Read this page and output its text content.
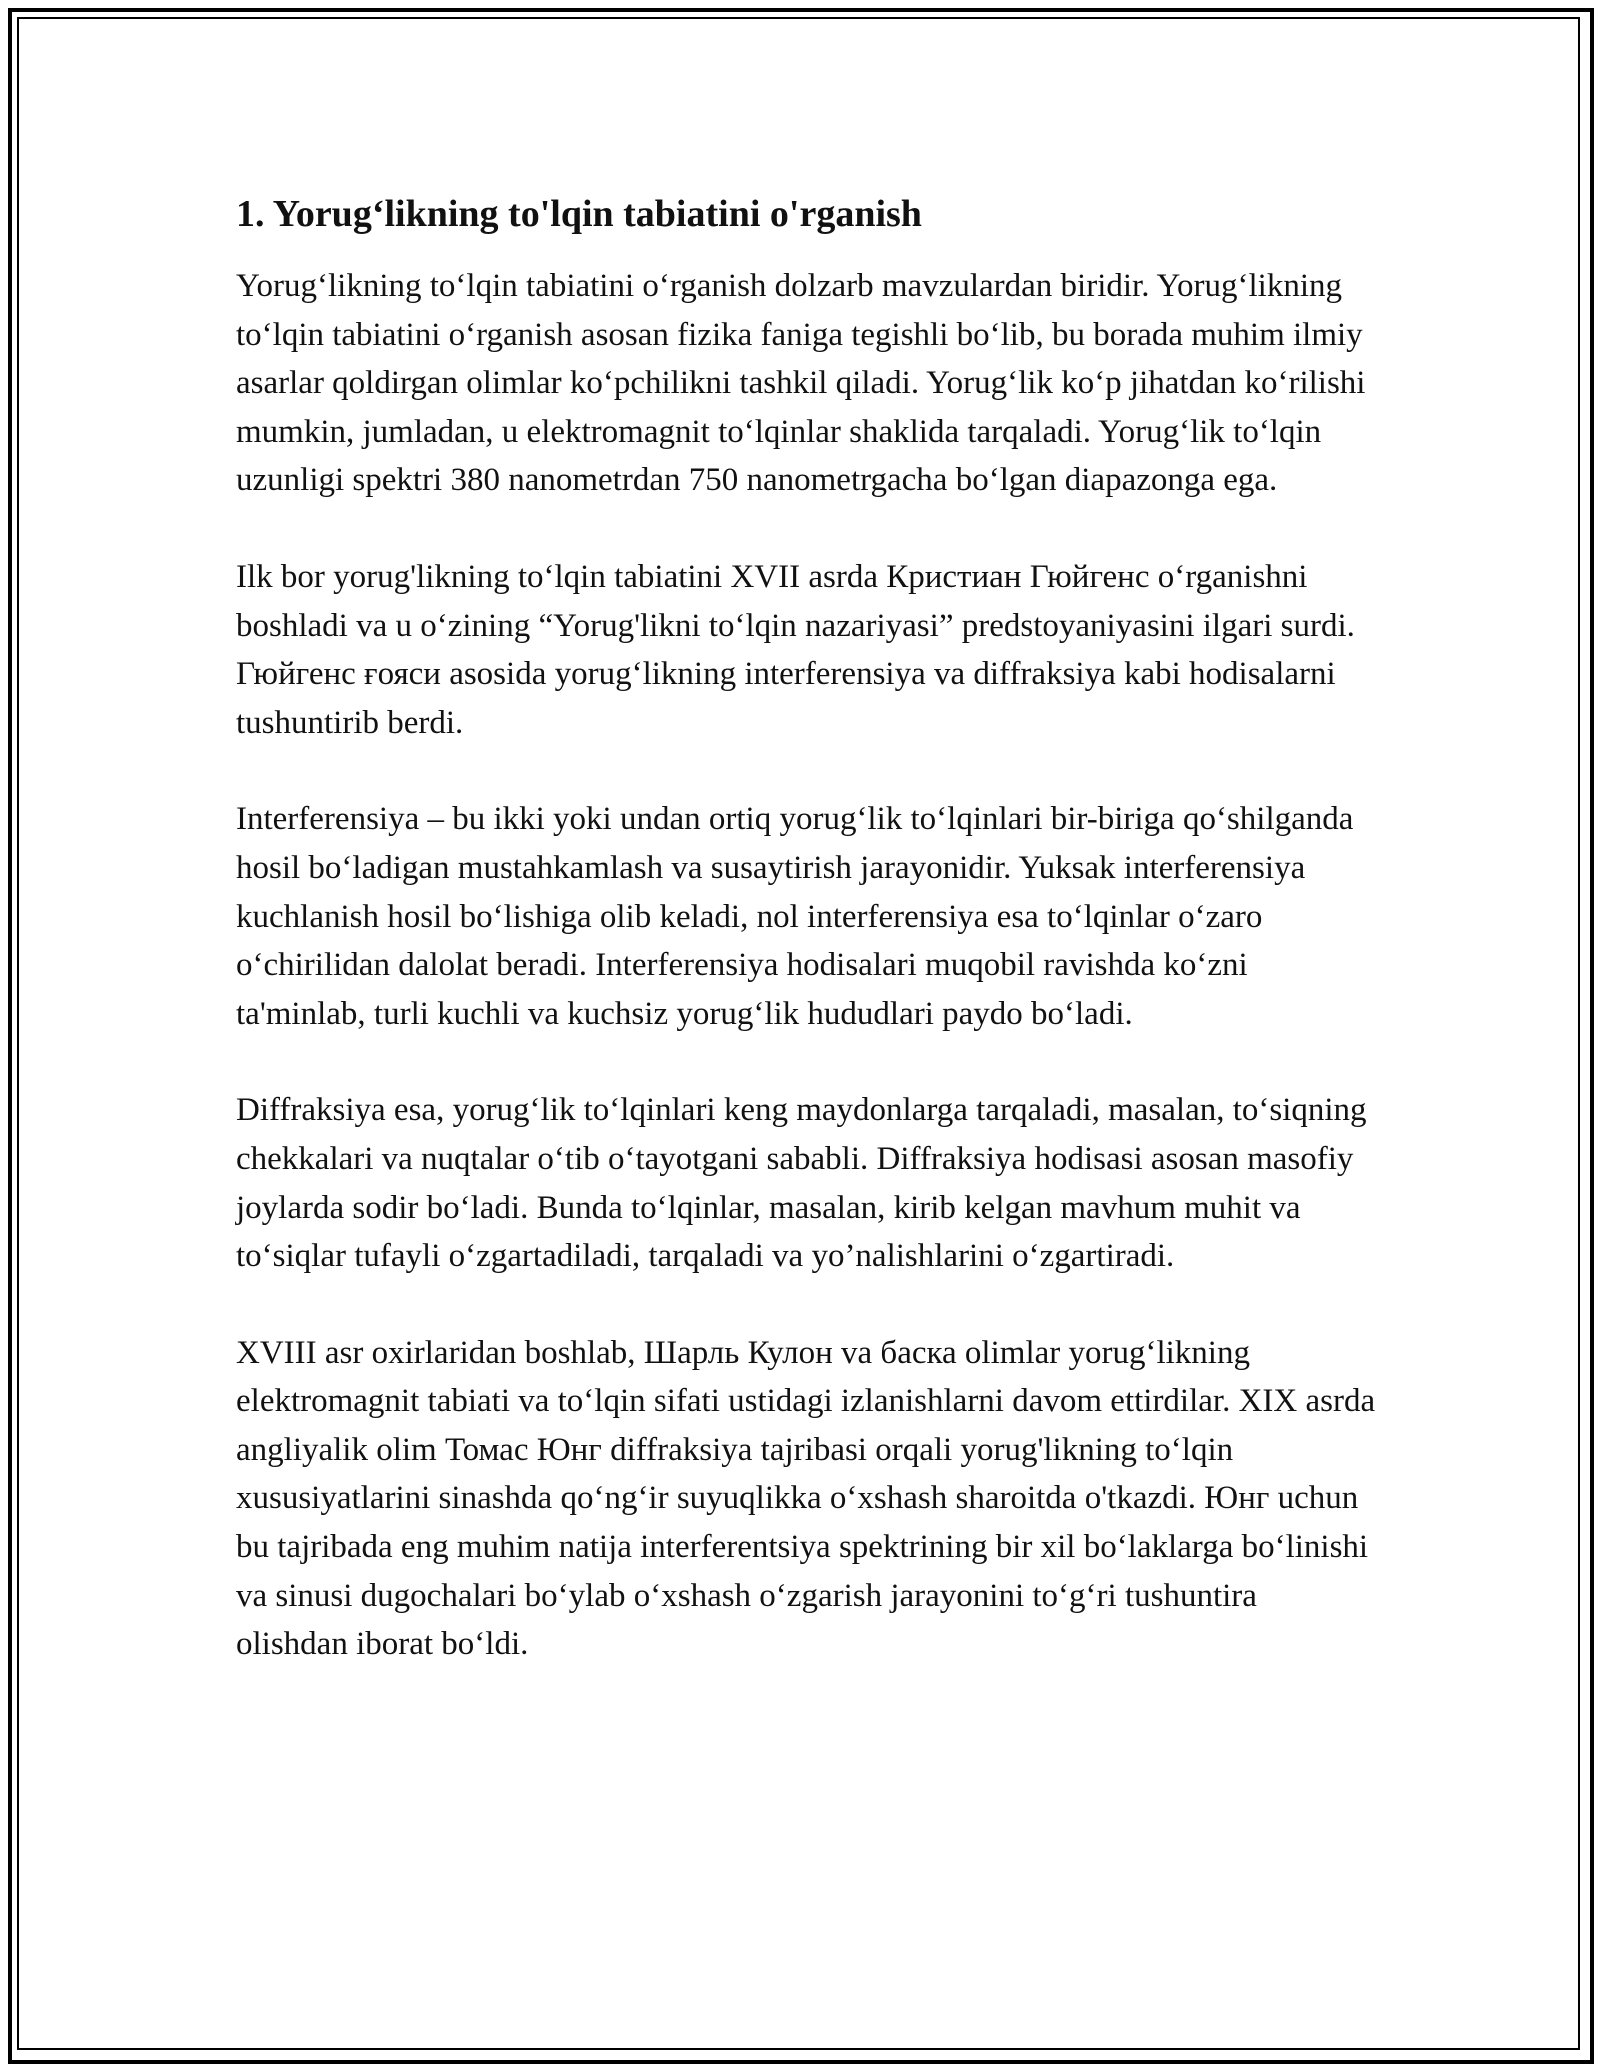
1. Yorug‘likning to'lqin tabiatini o'rganish

Yorug‘likning to‘lqin tabiatini o‘rganish dolzarb mavzulardan biridir. Yorug‘likning to‘lqin tabiatini o‘rganish asosan fizika faniga tegishli bo‘lib, bu borada muhim ilmiy asarlar qoldirgan olimlar ko‘pchilikni tashkil qiladi. Yorug‘lik ko‘p jihatdan ko‘rilishi mumkin, jumladan, u elektromagnit to‘lqinlar shaklida tarqaladi. Yorug‘lik to‘lqin uzunligi spektri 380 nanometrdan 750 nanometrgacha bo‘lgan diapazonga ega.

Ilk bor yorug'likning to‘lqin tabiatini XVII asrda Кристиан Гюйгенс o‘rganishni boshladi va u o‘zining “Yorug'likni to‘lqin nazariyasi” predstoyaniyasini ilgari surdi. Гюйгенс ғояси asosida yorug‘likning interferensiya va diffraksiya kabi hodisalarni tushuntirib berdi.

Interferensiya – bu ikki yoki undan ortiq yorug‘lik to‘lqinlari bir-biriga qo‘shilganda hosil bo‘ladigan mustahkamlash va susaytirish jarayonidir. Yuksak interferensiya kuchlanish hosil bo‘lishiga olib keladi, nol interferensiya esa to‘lqinlar o‘zaro o‘chirilidan dalolat beradi. Interferensiya hodisalari muqobil ravishda ko‘zni ta'minlab, turli kuchli va kuchsiz yorug‘lik hududlari paydo bo‘ladi.

Diffraksiya esa, yorug‘lik to‘lqinlari keng maydonlarga tarqaladi, masalan, to‘siqning chekkalari va nuqtalar o‘tib o‘tayotgani sababli. Diffraksiya hodisasi asosan masofiy joylarda sodir bo‘ladi. Bunda to‘lqinlar, masalan, kirib kelgan mavhum muhit va to‘siqlar tufayli o‘zgartadiladi, tarqaladi va yo’nalishlarini o‘zgartiradi.

XVIII asr oxirlaridan boshlab, Шарль Кулон va баска olimlar yorug‘likning elektromagnit tabiati va to‘lqin sifati ustidagi izlanishlarni davom ettirdilar. XIX asrda angliyalik olim Томас Юнг diffraksiya tajribasi orqali yorug'likning to‘lqin xususiyatlarini sinashda qo‘ng‘ir suyuqlikka o‘xshash sharoitda o'tkazdi. Юнг uchun bu tajribada eng muhim natija interferentsiya spektrining bir xil bo‘laklarga bo‘linishi va sinusi dugochalari bo‘ylab o‘xshash o‘zgarish jarayonini to‘g‘ri tushuntira olishdan iborat bo‘ldi.
